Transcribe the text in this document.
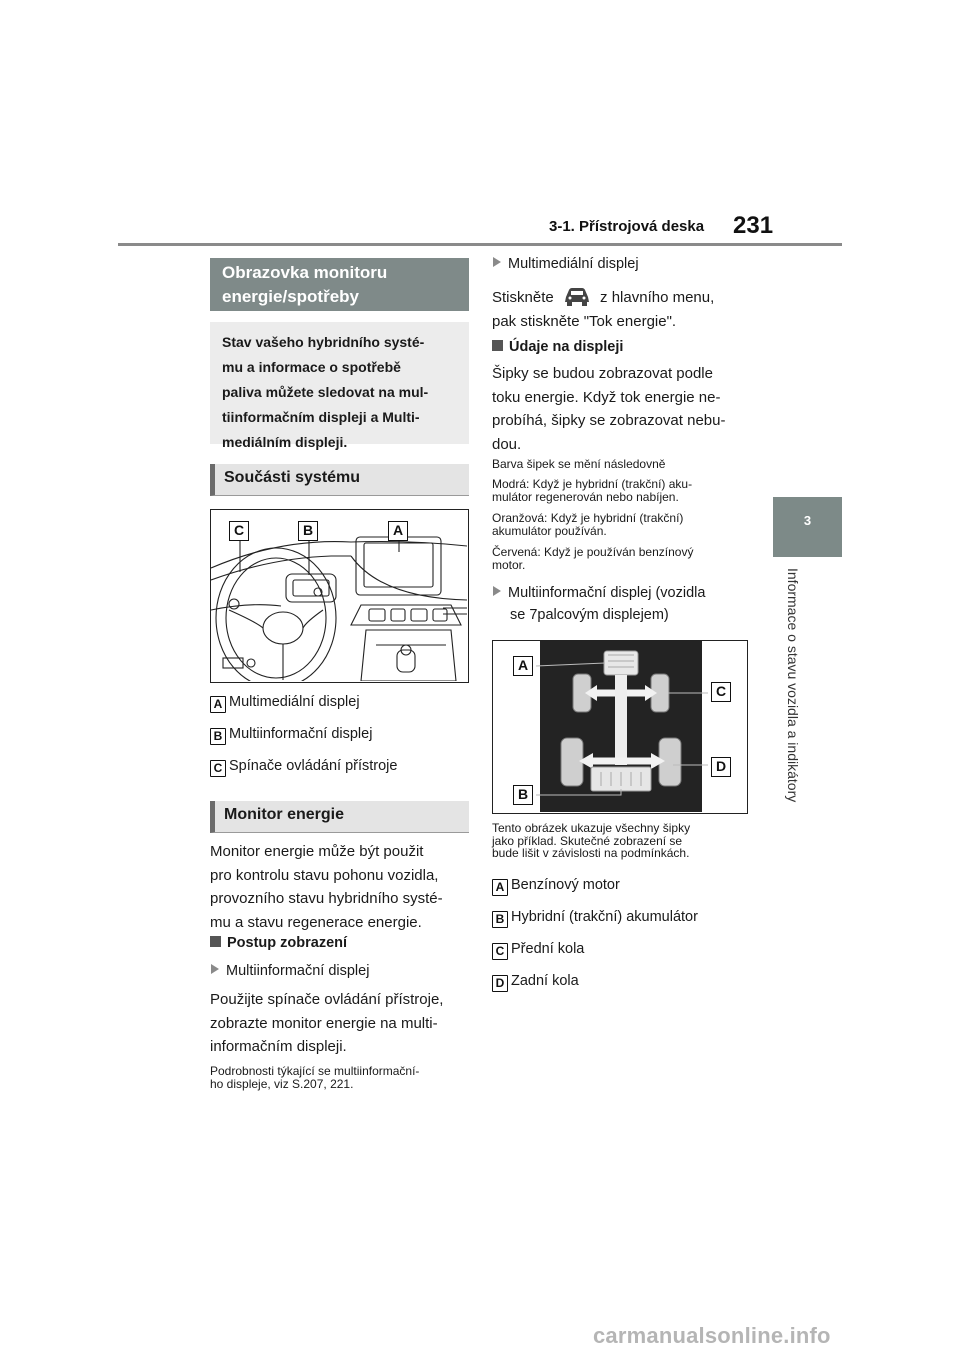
3-1. Přístrojová deska 231
3
Informace o stavu vozidla a indikátory
Obrazovka monitoru
energie/spotřeby
Stav vašeho hybridního systé-
mu a informace o spotřebě
paliva můžete sledovat na mul-
tiinformačním displeji a Multi-
mediálním displeji.
Součásti systému
C	B	A
A Multimediální displej
B Multiinformační displej
C Spínače ovládání přístroje
Monitor energie
Monitor energie může být použit
pro kontrolu stavu pohonu vozidla,
provozního stavu hybridního systé-
mu a stavu regenerace energie.
Postup zobrazení
Multiinformační displej
Použijte spínače ovládání přístroje,
zobrazte monitor energie na multi-
informačním displeji.
Podrobnosti týkající se multiinformační-
ho displeje, viz S.207, 221.
Multimediální displej
Stiskněte	z hlavního menu,
pak stiskněte "Tok energie".
Údaje na displeji
Šipky se budou zobrazovat podle
toku energie. Když tok energie ne-
probíhá, šipky se zobrazovat nebu-
dou.
Barva šipek se mění následovně
Modrá: Když je hybridní (trakční) aku-
mulátor regenerován nebo nabíjen.
Oranžová: Když je hybridní (trakční)
akumulátor používán.
Červená: Když je používán benzínový
motor.
Multiinformační displej (vozidla
se 7palcovým displejem)
A
C
D
B
Tento obrázek ukazuje všechny šipky
jako příklad. Skutečné zobrazení se
bude lišit v závislosti na podmínkách.
A Benzínový motor
B Hybridní (trakční) akumulátor
C Přední kola
D Zadní kola
carmanualsonline.info
